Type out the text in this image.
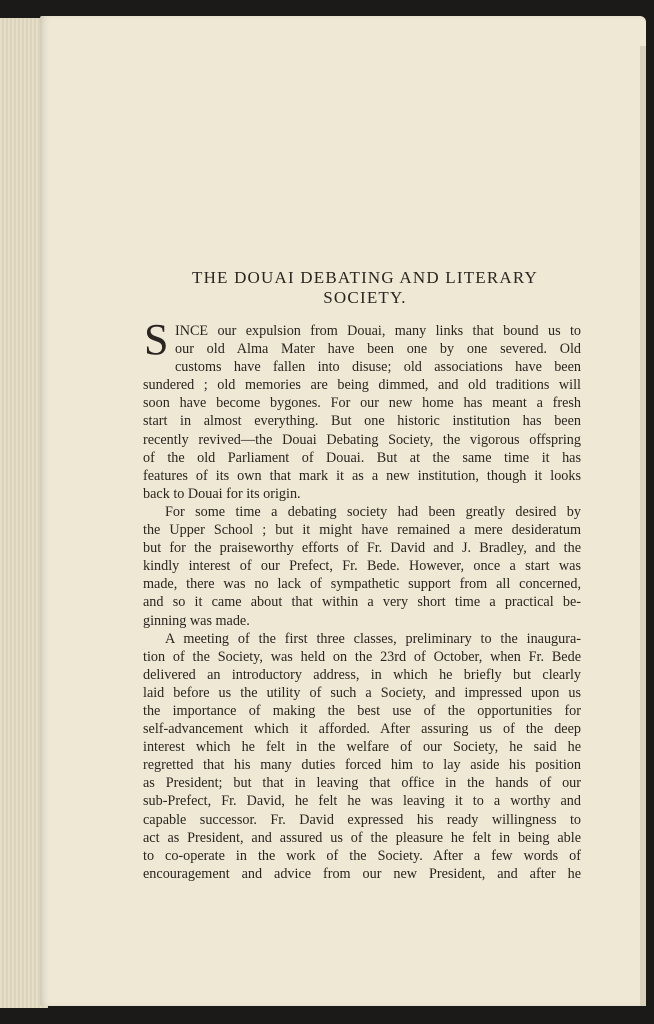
THE DOUAI DEBATING AND LITERARY
SOCIETY.
S INCE our expulsion from Douai, many links that bound us to
our old Alma Mater have been one by one severed. Old
customs have fallen into disuse; old associations have been
sundered ; old memories are being dimmed, and old traditions will
soon have become bygones. For our new home has meant a fresh
start in almost everything. But one historic institution has been
recently revived—the Douai Debating Society, the vigorous offspring
of the old Parliament of Douai. But at the same time it has
features of its own that mark it as a new institution, though it looks
back to Douai for its origin.
For some time a debating society had been greatly desired by
the Upper School ; but it might have remained a mere desideratum
but for the praiseworthy efforts of Fr. David and J. Bradley, and the
kindly interest of our Prefect, Fr. Bede. However, once a start was
made, there was no lack of sympathetic support from all concerned,
and so it came about that within a very short time a practical be-
ginning was made.
A meeting of the first three classes, preliminary to the inaugura-
tion of the Society, was held on the 23rd of October, when Fr. Bede
delivered an introductory address, in which he briefly but clearly
laid before us the utility of such a Society, and impressed upon us
the importance of making the best use of the opportunities for
self-advancement which it afforded. After assuring us of the deep
interest which he felt in the welfare of our Society, he said he
regretted that his many duties forced him to lay aside his position
as President; but that in leaving that office in the hands of our
sub-Prefect, Fr. David, he felt he was leaving it to a worthy and
capable successor. Fr. David expressed his ready willingness to
act as President, and assured us of the pleasure he felt in being able
to co-operate in the work of the Society. After a few words of
encouragement and advice from our new President, and after he
